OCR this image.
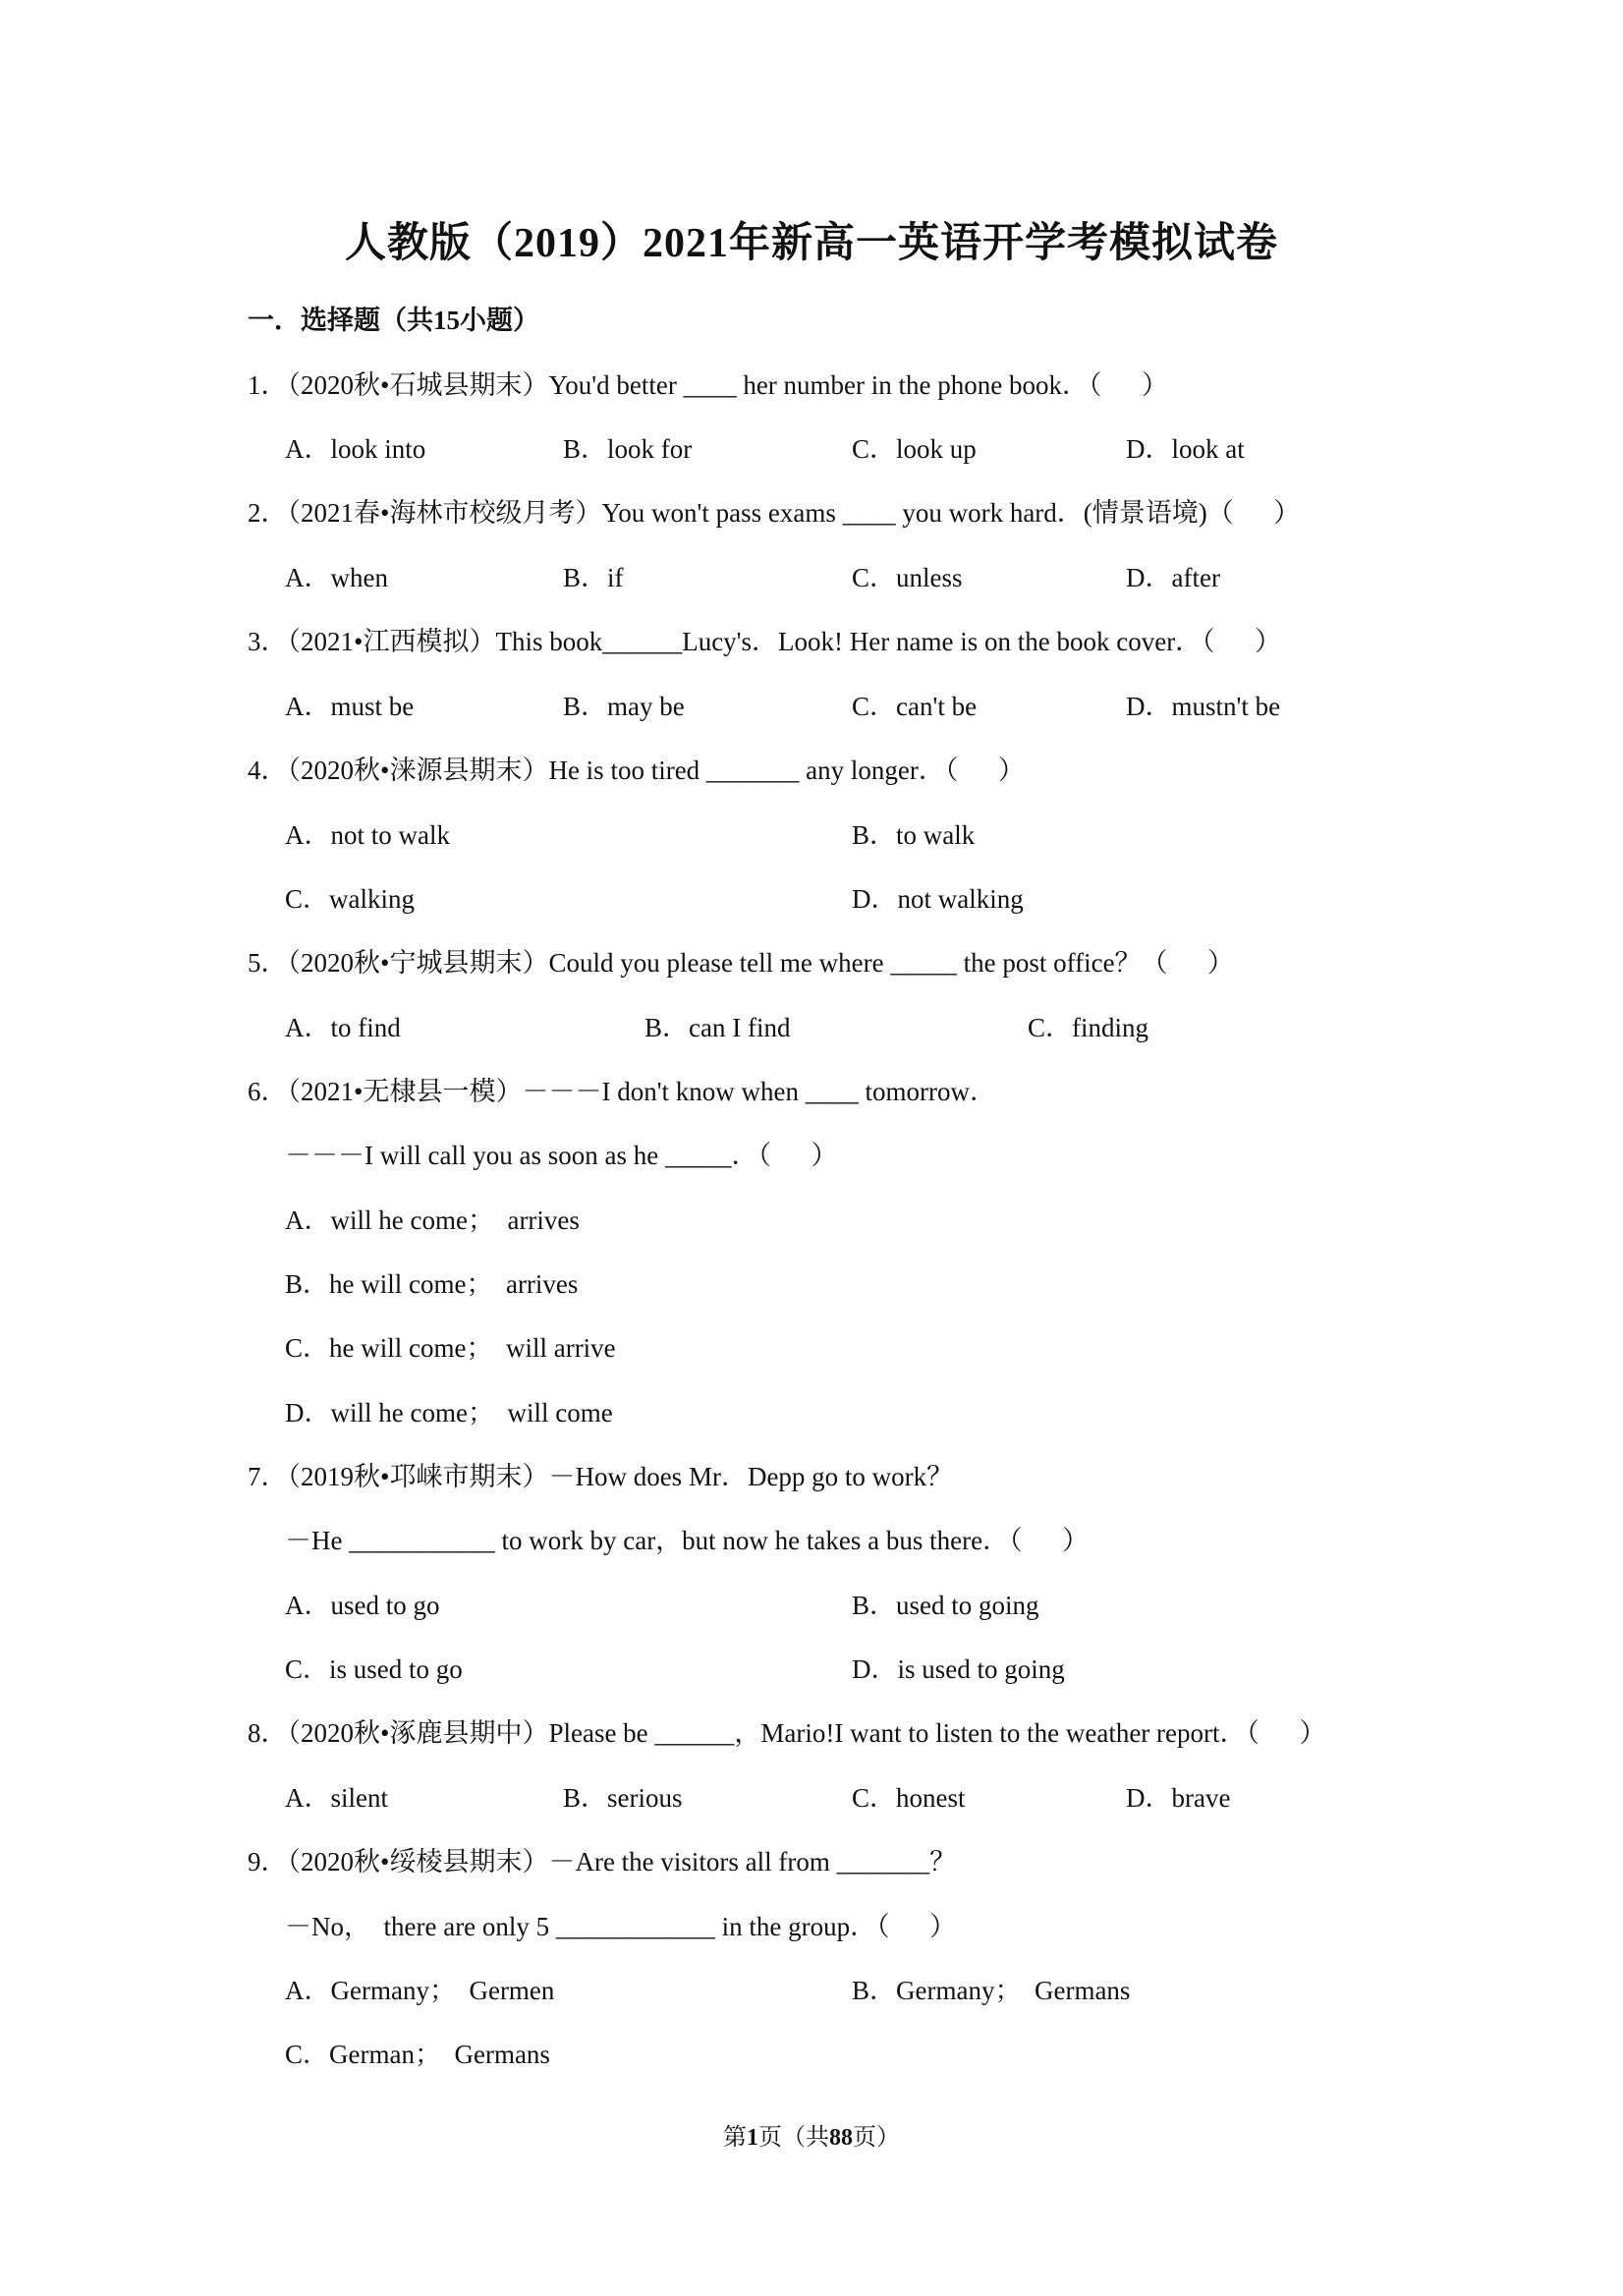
人教版（2019）2021年新高一英语开学考模拟试卷
一．选择题（共15小题）
1．（2020秋•石城县期末）You'd better ____ her number in the phone book．（      ）
A．look into	B．look for	C．look up	D．look at
2．（2021春•海林市校级月考）You won't pass exams ____ you work hard．(情景语境)（      ）
A．when	B．if	C．unless	D．after
3．（2021•江西模拟）This book______Lucy's．Look! Her name is on the book cover．（      ）
A．must be	B．may be	C．can't be	D．mustn't be
4．（2020秋•涞源县期末）He is too tired _______ any longer．（      ）
A．not to walk	B．to walk
C．walking	D．not walking
5．（2020秋•宁城县期末）Could you please tell me where _____ the post office？（      ）
A．to find	B．can I find	C．finding
6．（2021•无棣县一模）－－－I don't know when ____ tomorrow．
－－－I will call you as soon as he _____．（      ）
A．will he come；  arrives
B．he will come；  arrives
C．he will come；  will arrive
D．will he come；  will come
7．（2019秋•邛崃市期末）－How does Mr．Depp go to work？
－He ___________ to work by car，but now he takes a bus there．（      ）
A．used to go	B．used to going
C．is used to go	D．is used to going
8．（2020秋•涿鹿县期中）Please be ______，Mario!I want to listen to the weather report．（      ）
A．silent	B．serious	C．honest	D．brave
9．（2020秋•绥棱县期末）－Are the visitors all from _______？
－No，  there are only 5 ____________ in the group．（      ）
A．Germany；  Germen	B．Germany；  Germans
C．German；  Germans
第1页（共88页）
